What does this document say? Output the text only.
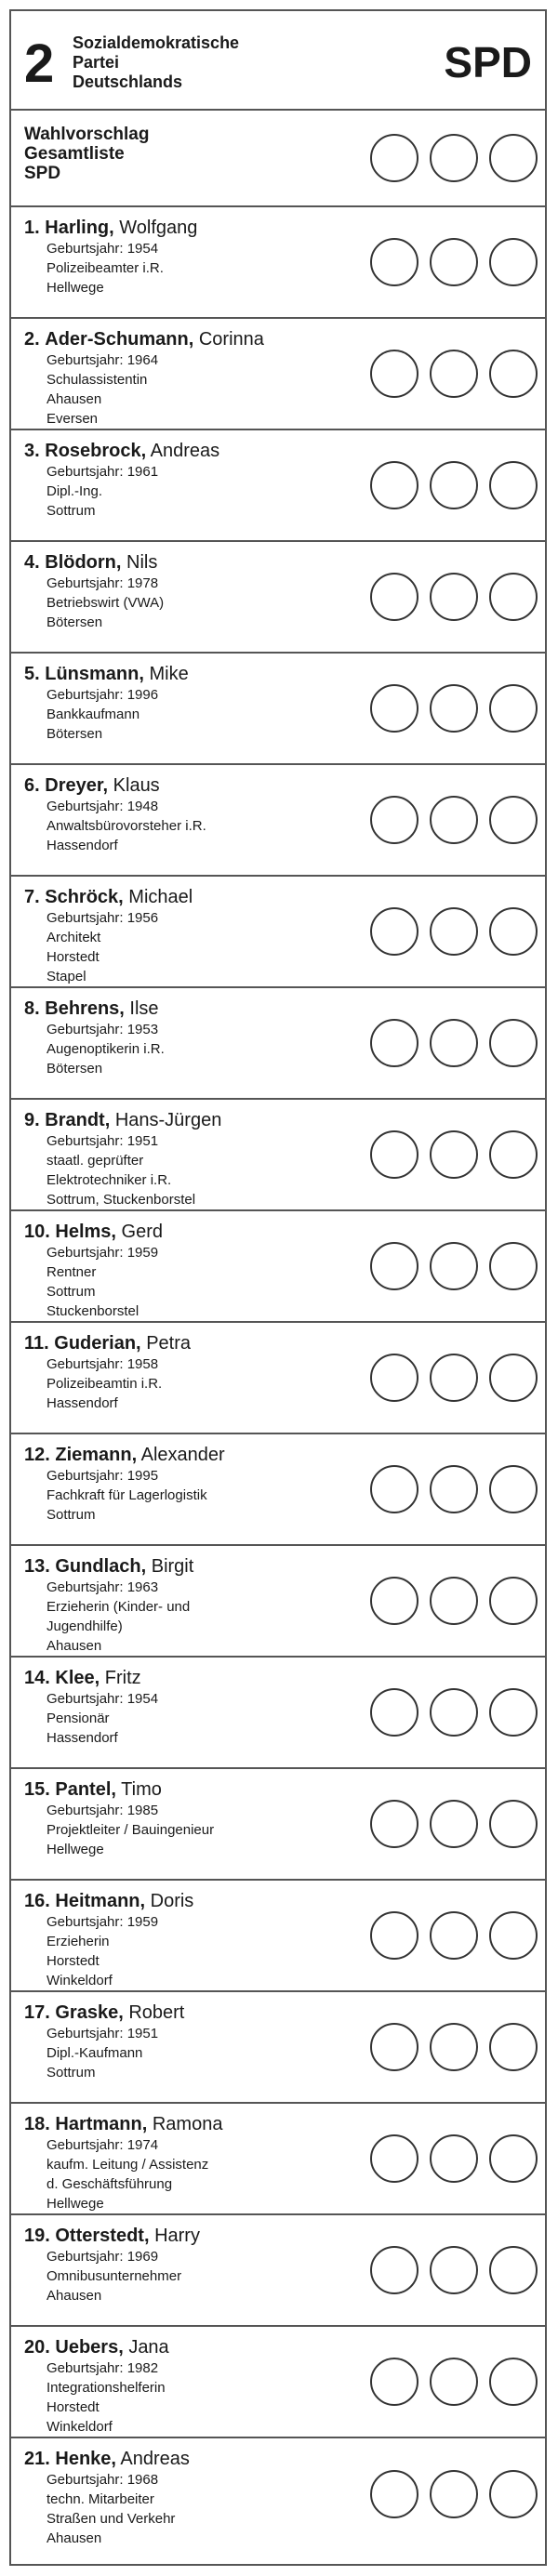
2 Sozialdemokratische
Partei
Deutschlands	SPD
Wahlvorschlag
Gesamtliste
SPD
1. Harling, Wolfgang
Geburtsjahr: 1954
Polizeibeamter i.R.
Hellwege
2. Ader-Schumann, Corinna
Geburtsjahr: 1964
Schulassistentin
Ahausen
Eversen
3. Rosebrock, Andreas
Geburtsjahr: 1961
Dipl.-Ing.
Sottrum
4. Blödorn, Nils
Geburtsjahr: 1978
Betriebswirt (VWA)
Bötersen
5. Lünsmann, Mike
Geburtsjahr: 1996
Bankkaufmann
Bötersen
6. Dreyer, Klaus
Geburtsjahr: 1948
Anwaltsbürovorsteher i.R.
Hassendorf
7. Schröck, Michael
Geburtsjahr: 1956
Architekt
Horstedt
Stapel
8. Behrens, Ilse
Geburtsjahr: 1953
Augenoptikerin i.R.
Bötersen
9. Brandt, Hans-Jürgen
Geburtsjahr: 1951
staatl. geprüfter
Elektrotechniker i.R.
Sottrum, Stuckenborstel
10. Helms, Gerd
Geburtsjahr: 1959
Rentner
Sottrum
Stuckenborstel
11. Guderian, Petra
Geburtsjahr: 1958
Polizeibeamtin i.R.
Hassendorf
12. Ziemann, Alexander
Geburtsjahr: 1995
Fachkraft für Lagerlogistik
Sottrum
13. Gundlach, Birgit
Geburtsjahr: 1963
Erzieherin (Kinder- und
Jugendhilfe)
Ahausen
14. Klee, Fritz
Geburtsjahr: 1954
Pensionär
Hassendorf
15. Pantel, Timo
Geburtsjahr: 1985
Projektleiter / Bauingenieur
Hellwege
16. Heitmann, Doris
Geburtsjahr: 1959
Erzieherin
Horstedt
Winkeldorf
17. Graske, Robert
Geburtsjahr: 1951
Dipl.-Kaufmann
Sottrum
18. Hartmann, Ramona
Geburtsjahr: 1974
kaufm. Leitung / Assistenz
d. Geschäftsführung
Hellwege
19. Otterstedt, Harry
Geburtsjahr: 1969
Omnibusunternehmer
Ahausen
20. Uebers, Jana
Geburtsjahr: 1982
Integrationshelferin
Horstedt
Winkeldorf
21. Henke, Andreas
Geburtsjahr: 1968
techn. Mitarbeiter
Straßen und Verkehr
Ahausen
